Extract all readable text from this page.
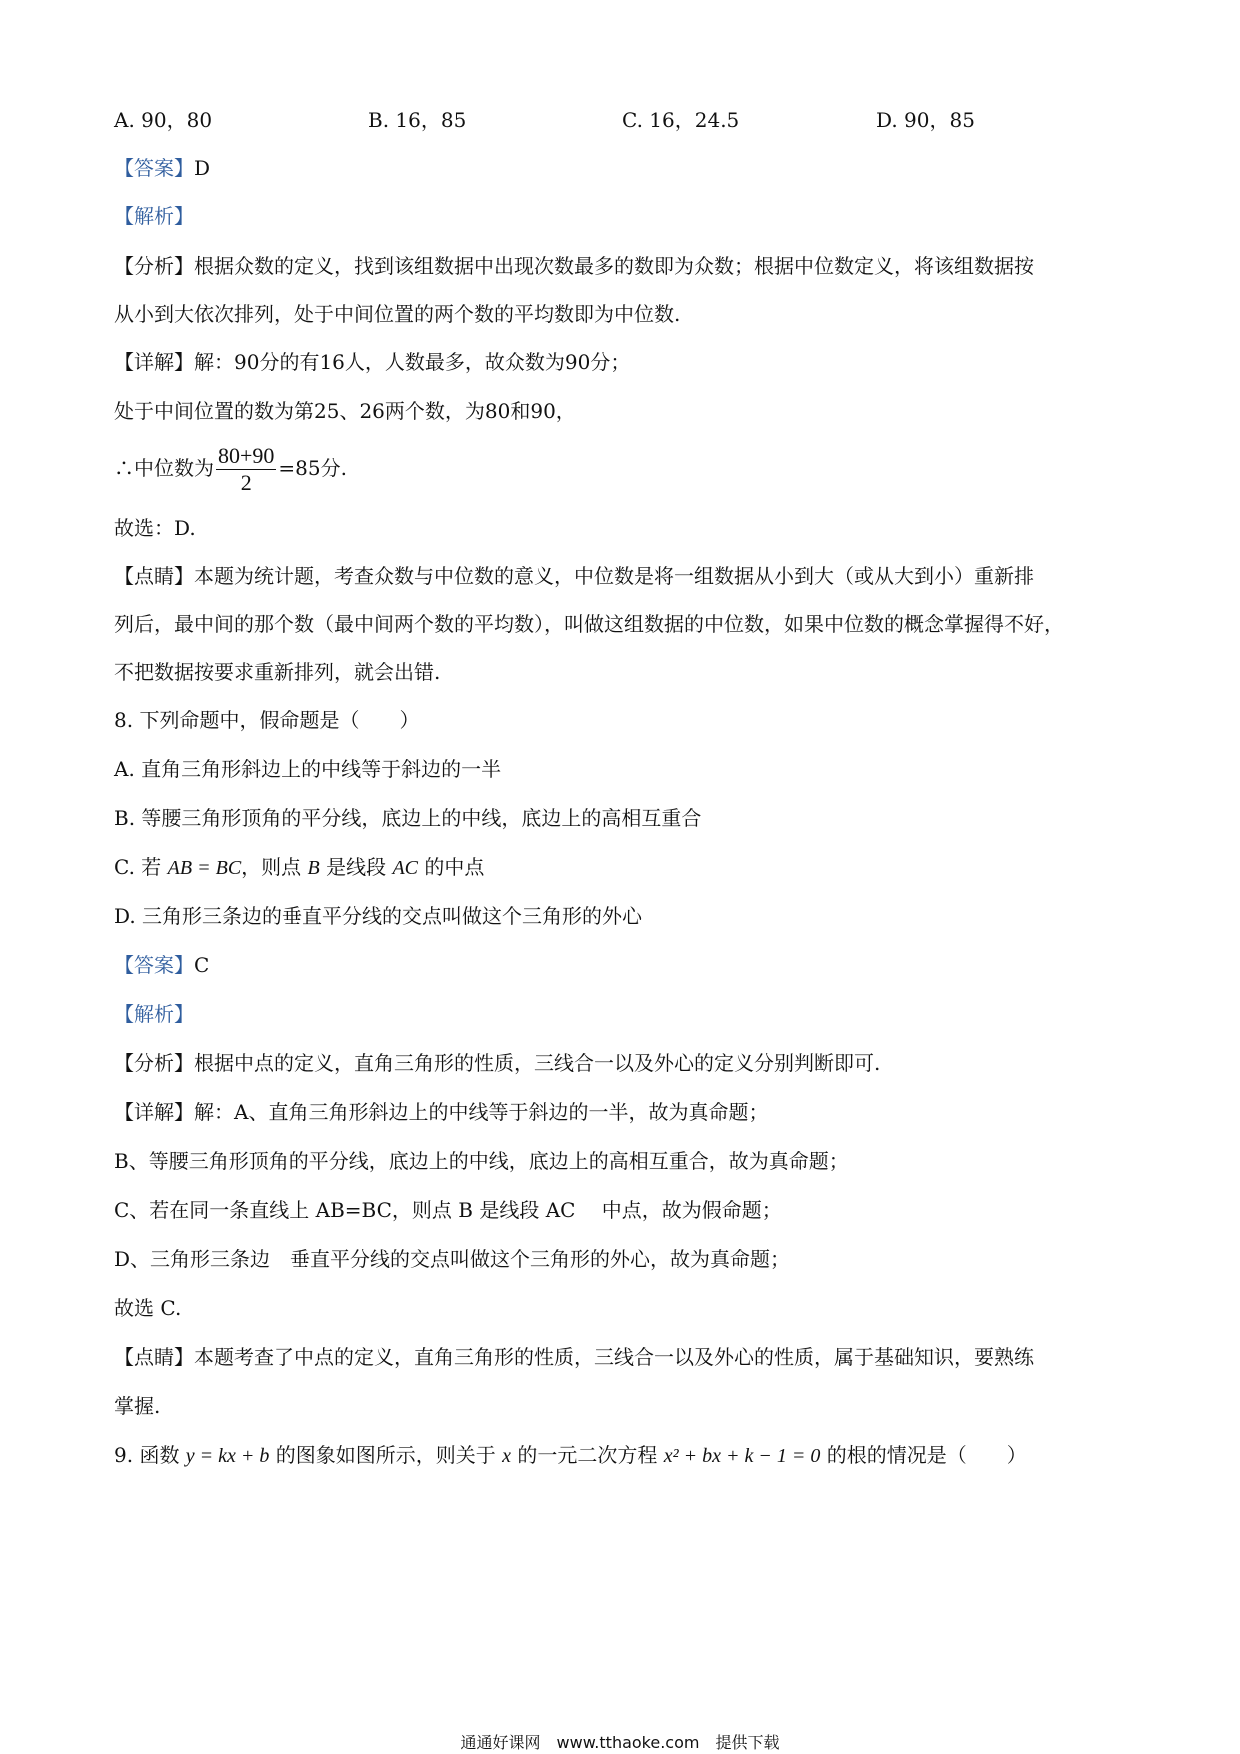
A. 90，80	B. 16，85	C. 16，24.5	D. 90，85
【答案】D
【解析】
【分析】根据众数的定义，找到该组数据中出现次数最多的数即为众数；根据中位数定义，将该组数据按
从小到大依次排列，处于中间位置的两个数的平均数即为中位数.
【详解】解：90分的有16人，人数最多，故众数为90分；
处于中间位置的数为第25、26两个数，为80和90，
∴中位数为 $\frac{80+90}{2} =85$分.
故选：D.
【点睛】本题为统计题，考查众数与中位数的意义，中位数是将一组数据从小到大（或从大到小）重新排
列后，最中间的那个数（最中间两个数的平均数），叫做这组数据的中位数，如果中位数的概念掌握得不好，
不把数据按要求重新排列，就会出错.
8. 下列命题中，假命题是（　　）
A. 直角三角形斜边上的中线等于斜边的一半
B. 等腰三角形顶角的平分线，底边上的中线，底边上的高相互重合
C. 若 AB = BC，则点 B 是线段 AC 的中点
D. 三角形三条边的垂直平分线的交点叫做这个三角形的外心
【答案】C
【解析】
【分析】根据中点的定义，直角三角形的性质，三线合一以及外心的定义分别判断即可.
【详解】解：A、直角三角形斜边上的中线等于斜边的一半，故为真命题；
B、等腰三角形顶角的平分线，底边上的中线，底边上的高相互重合，故为真命题；
C、若在同一条直线上 AB=BC，则点 B 是线段 AC　 中点，故为假命题；
D、三角形三条边　垂直平分线的交点叫做这个三角形的外心，故为真命题；
故选 C.
【点睛】本题考查了中点的定义，直角三角形的性质，三线合一以及外心的性质，属于基础知识，要熟练
掌握.
9. 函数 y = kx + b 的图象如图所示，则关于 x 的一元二次方程 x² + bx + k − 1 = 0 的根的情况是（　　）
通通好课网　www.tthaoke.com　提供下载
